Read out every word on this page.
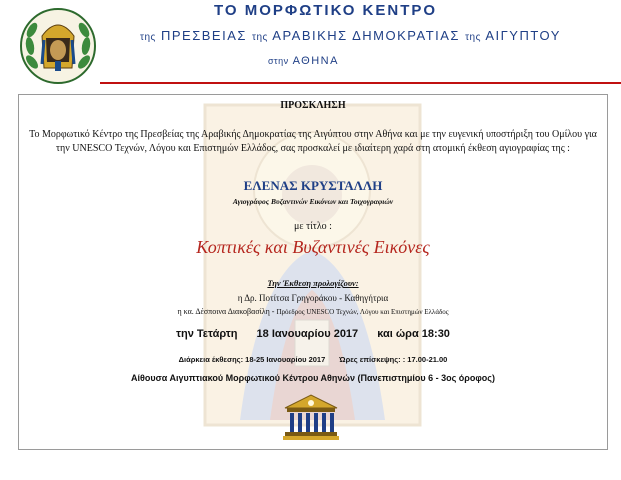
ΤΟ ΜΟΡΦΩΤΙΚΟ ΚΕΝΤΡΟ
της ΠΡΕΣΒΕΙΑΣ της ΑΡΑΒΙΚΗΣ ΔΗΜΟΚΡΑΤΙΑΣ της ΑΙΓΥΠΤΟΥ
στην ΑΘΗΝΑ
ΠΡΟΣΚΛΗΣΗ
Το Μορφωτικό Κέντρο της Πρεσβείας της Αραβικής Δημοκρατίας της Αιγύπτου στην Αθήνα και με την ευγενική υποστήριξη του Ομίλου για την UNESCO Τεχνών, Λόγου και Επιστημών Ελλάδος, σας προσκαλεί με ιδιαίτερη χαρά στη ατομική έκθεση αγιογραφίας της :
ΕΛΕΝΑΣ ΚΡΥΣΤΑΛΛΗ
Αγιογράφος Βυζαντινών Εικόνων και Τοιχογραφιών
με τίτλο :
Κοπτικές και Βυζαντινές Εικόνες
Την Έκθεση προλογίζουν:
η Δρ. Ποτίτσα Γρηγοράκου - Καθηγήτρια
η κα. Δέσποινα Διακοβασίλη - Πρόεδρος UNESCO Τεχνών, Λόγου και Επιστημών Ελλάδος
την Τετάρτη 18 Ιανουαρίου 2017 και ώρα 18:30
Διάρκεια έκθεσης: 18-25 Ιανουαρίου 2017 Ώρες επίσκεψης: : 17.00-21.00
Αίθουσα Αιγυπτιακού Μορφωτικού Κέντρου Αθηνών (Πανεπιστημίου 6 - 3ος όροφος)
